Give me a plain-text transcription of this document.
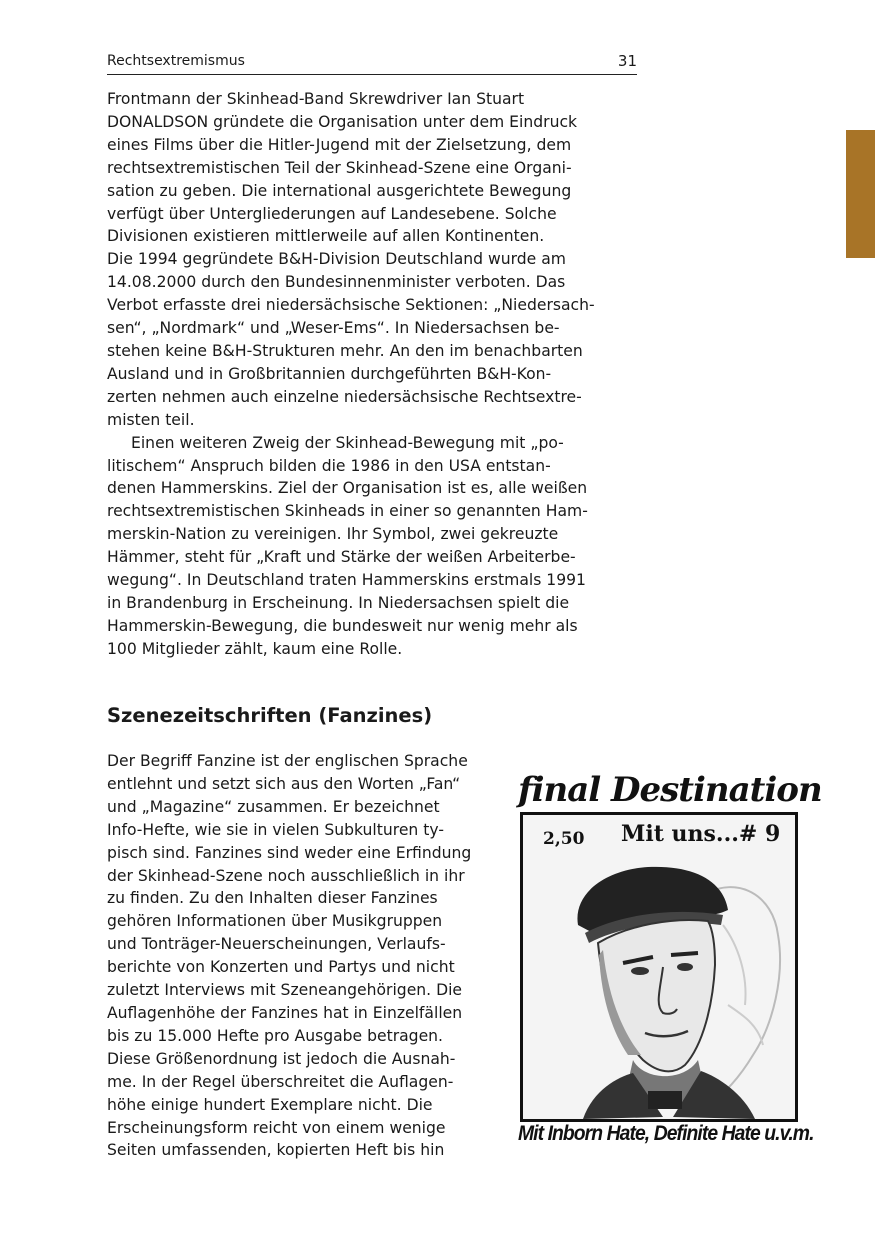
Rechtsextremismus	31
Frontmann der Skinhead-Band Skrewdriver Ian Stuart
DONALDSON gründete die Organisation unter dem Eindruck
eines Films über die Hitler-Jugend mit der Zielsetzung, dem
rechtsextremistischen Teil der Skinhead-Szene eine Organi-
sation zu geben. Die international ausgerichtete Bewegung
verfügt über Untergliederungen auf Landesebene. Solche
Divisionen existieren mittlerweile auf allen Kontinenten.
Die 1994 gegründete B&H-Division Deutschland wurde am
14.08.2000 durch den Bundesinnenminister verboten. Das
Verbot erfasste drei niedersächsische Sektionen: „Niedersach-
sen“, „Nordmark“ und „Weser-Ems“. In Niedersachsen be-
stehen keine B&H-Strukturen mehr. An den im benachbarten
Ausland und in Großbritannien durchgeführten B&H-Kon-
zerten nehmen auch einzelne niedersächsische Rechtsextre-
misten teil.
Einen weiteren Zweig der Skinhead-Bewegung mit „po-
litischem“ Anspruch bilden die 1986 in den USA entstan-
denen Hammerskins. Ziel der Organisation ist es, alle weißen
rechtsextremistischen Skinheads in einer so genannten Ham-
merskin-Nation zu vereinigen. Ihr Symbol, zwei gekreuzte
Hämmer, steht für „Kraft und Stärke der weißen Arbeiterbe-
wegung“. In Deutschland traten Hammerskins erstmals 1991
in Brandenburg in Erscheinung. In Niedersachsen spielt die
Hammerskin-Bewegung, die bundesweit nur wenig mehr als
100 Mitglieder zählt, kaum eine Rolle.
Szenezeitschriften (Fanzines)
Der Begriff Fanzine ist der englischen Sprache
entlehnt und setzt sich aus den Worten „Fan“
und „Magazine“ zusammen. Er bezeichnet
Info-Hefte, wie sie in vielen Subkulturen ty-
pisch sind. Fanzines sind weder eine Erfindung
der Skinhead-Szene noch ausschließlich in ihr
zu finden. Zu den Inhalten dieser Fanzines
gehören Informationen über Musikgruppen
und Tonträger-Neuerscheinungen, Verlaufs-
berichte von Konzerten und Partys und nicht
zuletzt Interviews mit Szeneangehörigen. Die
Auflagenhöhe der Fanzines hat in Einzelfällen
bis zu 15.000 Hefte pro Ausgabe betragen.
Diese Größenordnung ist jedoch die Ausnah-
me. In der Regel überschreitet die Auflagen-
höhe einige hundert Exemplare nicht. Die
Erscheinungsform reicht von einem wenige
Seiten umfassenden, kopierten Heft bis hin
final Destination
2,50 Mit uns...# 9
Mit Inborn Hate, Definite Hate u.v.m.
